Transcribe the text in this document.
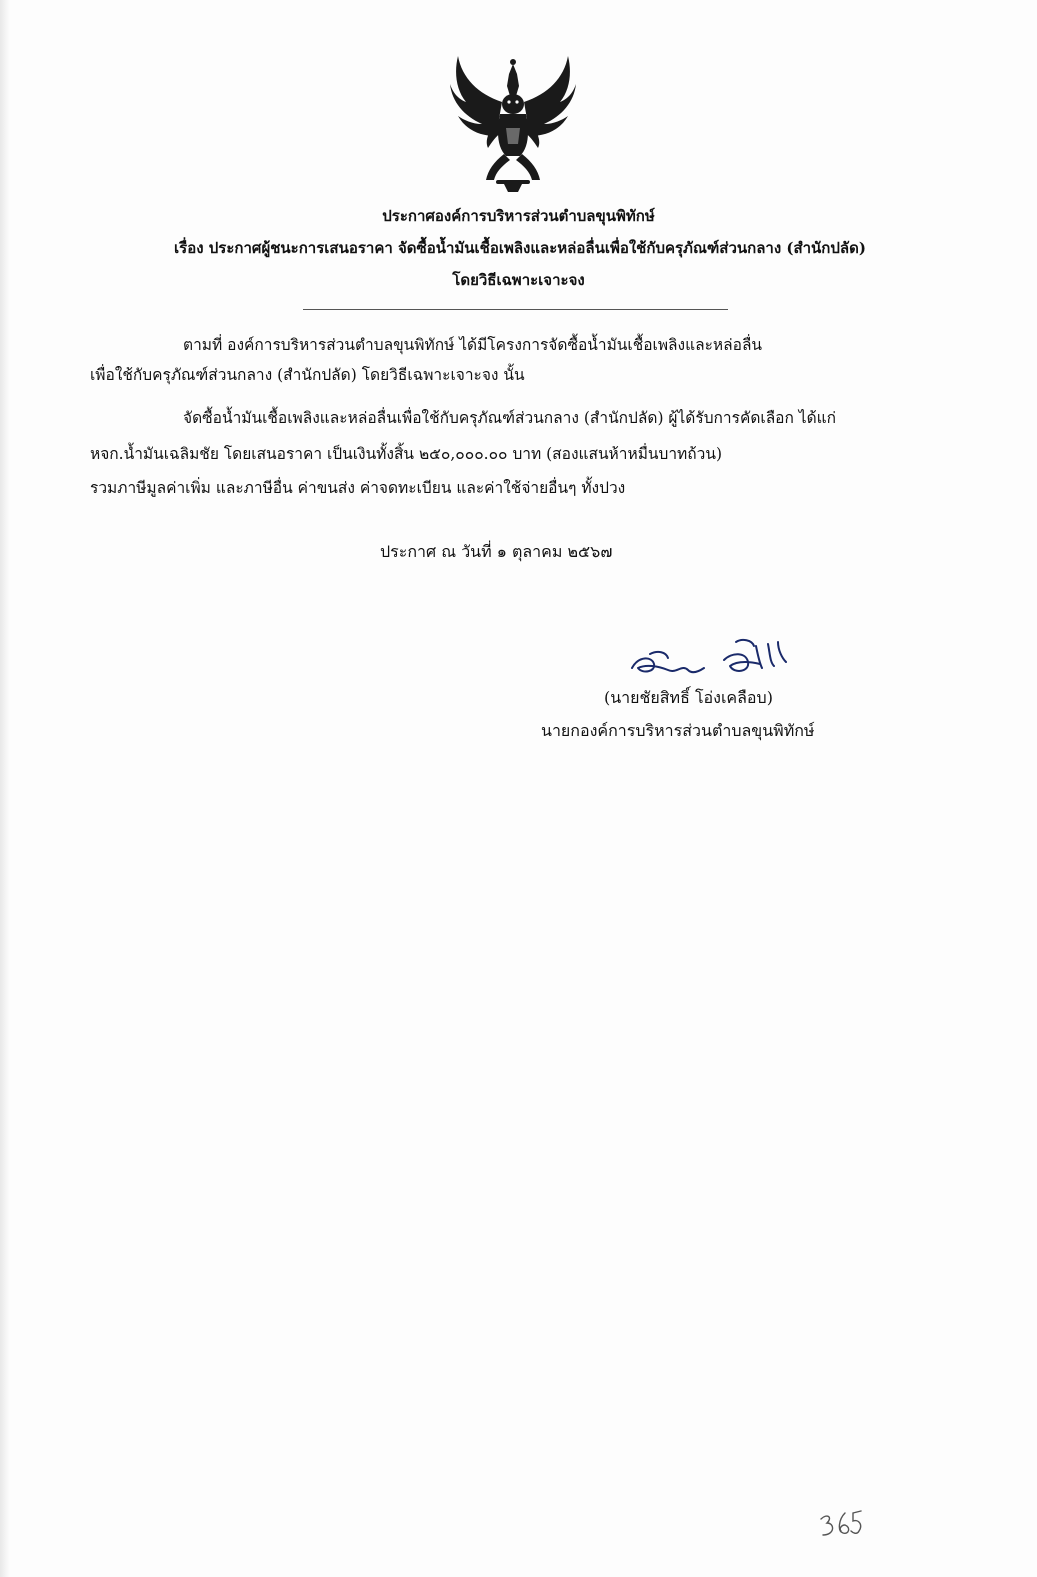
ประกาศองค์การบริหารส่วนตำบลขุนพิทักษ์
เรื่อง ประกาศผู้ชนะการเสนอราคา จัดซื้อน้ำมันเชื้อเพลิงและหล่อลื่นเพื่อใช้กับครุภัณฑ์ส่วนกลาง (สำนักปลัด)
โดยวิธีเฉพาะเจาะจง
ตามที่ องค์การบริหารส่วนตำบลขุนพิทักษ์ ได้มีโครงการจัดซื้อน้ำมันเชื้อเพลิงและหล่อลื่น
เพื่อใช้กับครุภัณฑ์ส่วนกลาง (สำนักปลัด) โดยวิธีเฉพาะเจาะจง นั้น
จัดซื้อน้ำมันเชื้อเพลิงและหล่อลื่นเพื่อใช้กับครุภัณฑ์ส่วนกลาง (สำนักปลัด) ผู้ได้รับการคัดเลือก ได้แก่
หจก.น้ำมันเฉลิมชัย โดยเสนอราคา เป็นเงินทั้งสิ้น ๒๕๐,๐๐๐.๐๐ บาท (สองแสนห้าหมื่นบาทถ้วน)
รวมภาษีมูลค่าเพิ่ม และภาษีอื่น ค่าขนส่ง ค่าจดทะเบียน และค่าใช้จ่ายอื่นๆ ทั้งปวง
ประกาศ ณ วันที่ ๑ ตุลาคม ๒๕๖๗
(นายชัยสิทธิ์ โอ่งเคลือบ)
นายกองค์การบริหารส่วนตำบลขุนพิทักษ์
